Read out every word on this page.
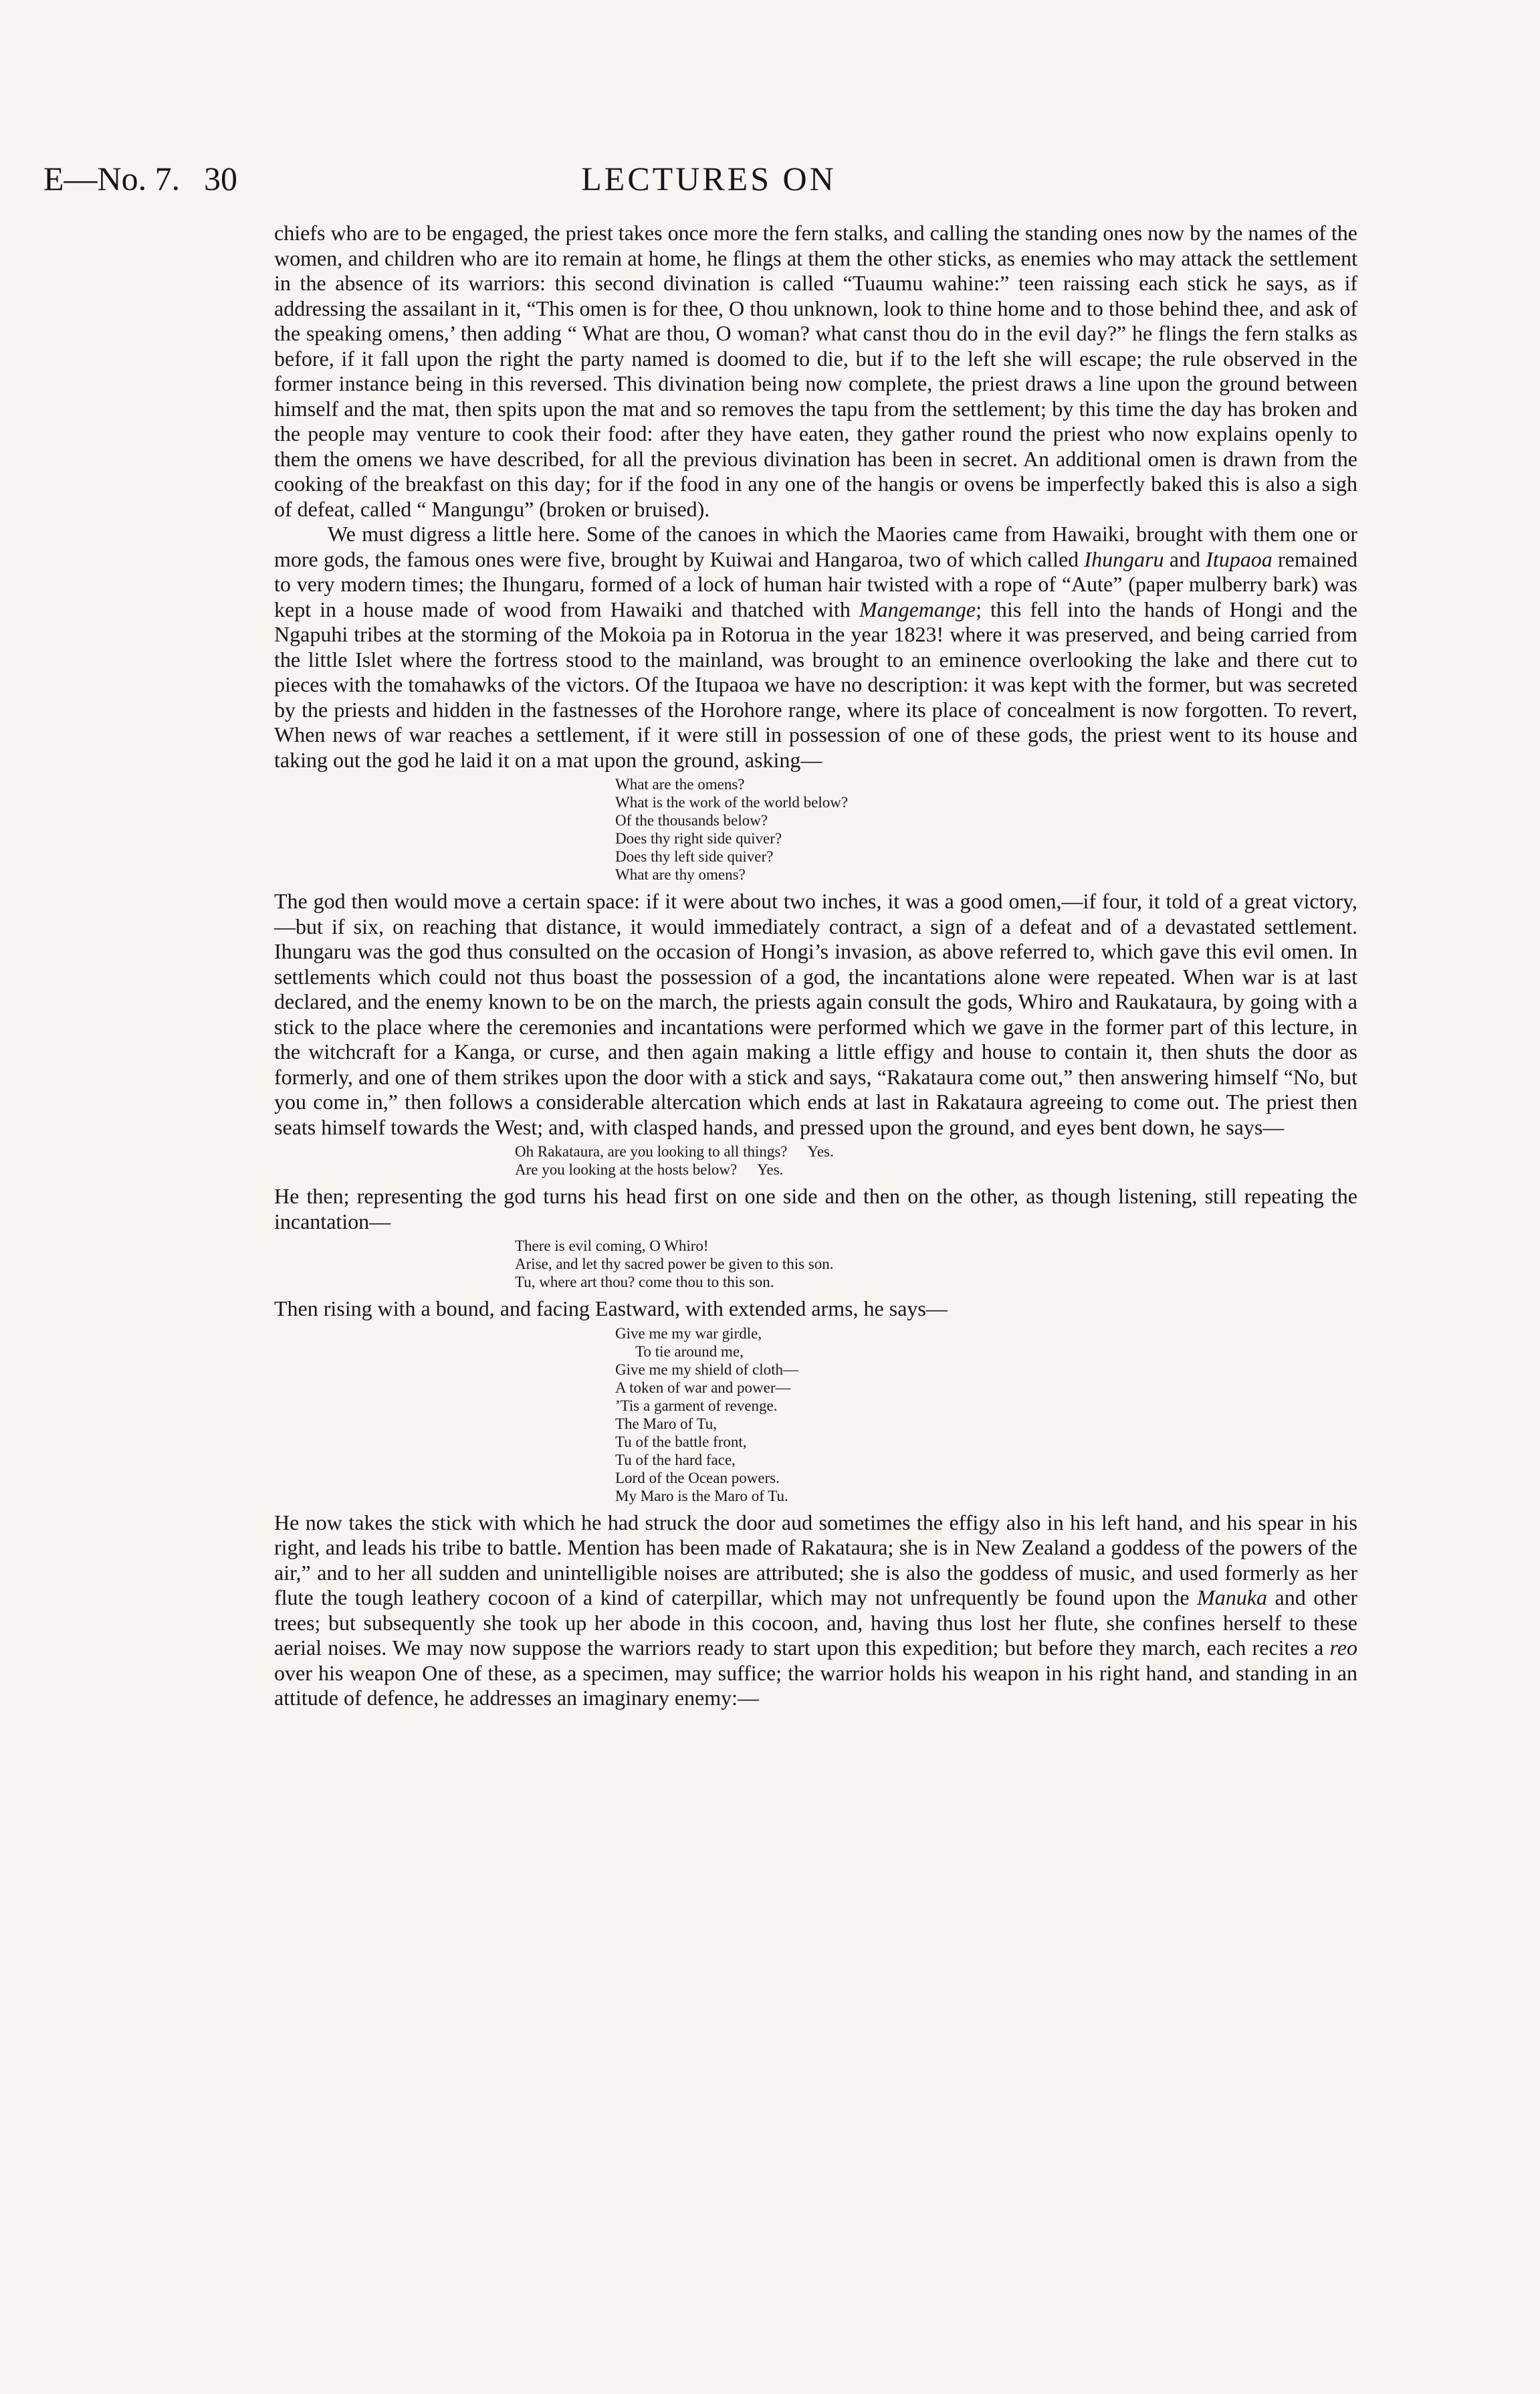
E—No. 7. 30	LECTURES ON

chiefs who are to be engaged, the priest takes once more the fern stalks, and calling the standing ones now by the names of the women, and children who are ito remain at home, he flings at them the other sticks, as enemies who may attack the settlement in the absence of its warriors: this second divination is called “Tuaumu wahine:” teen raissing each stick he says, as if addressing the assailant in it, “This omen is for thee, O thou unknown, look to thine home and to those behind thee, and ask of the speaking omens,’ then adding “ What are thou, O woman? what canst thou do in the evil day?” he flings the fern stalks as before, if it fall upon the right the party named is doomed to die, but if to the left she will escape; the rule observed in the former instance being in this reversed. This divination being now complete, the priest draws a line upon the ground between himself and the mat, then spits upon the mat and so removes the tapu from the settlement; by this time the day has broken and the people may venture to cook their food: after they have eaten, they gather round the priest who now explains openly to them the omens we have described, for all the previous divination has been in secret. An additional omen is drawn from the cooking of the breakfast on this day; for if the food in any one of the hangis or ovens be imperfectly baked this is also a sigh of defeat, called “ Mangungu” (broken or bruised).

We must digress a little here. Some of the canoes in which the Maories came from Hawaiki, brought with them one or more gods, the famous ones were five, brought by Kuiwai and Hangaroa, two of which called Ihungaru and Itupaoa remained to very modern times; the Ihungaru, formed of a lock of human hair twisted with a rope of “Aute” (paper mulberry bark) was kept in a house made of wood from Hawaiki and thatched with Mangemange; this fell into the hands of Hongi and the Ngapuhi tribes at the storming of the Mokoia pa in Rotorua in the year 1823! where it was preserved, and being carried from the little Islet where the fortress stood to the mainland, was brought to an eminence overlooking the lake and there cut to pieces with the tomahawks of the victors. Of the Itupaoa we have no description: it was kept with the former, but was secreted by the priests and hidden in the fastnesses of the Horohore range, where its place of concealment is now forgotten. To revert, When news of war reaches a settlement, if it were still in possession of one of these gods, the priest went to its house and taking out the god he laid it on a mat upon the ground, asking—

What are the omens?
What is the work of the world below?
Of the thousands below?
Does thy right side quiver?
Does thy left side quiver?
What are thy omens?

The god then would move a certain space: if it were about two inches, it was a good omen,—if four, it told of a great victory,—but if six, on reaching that distance, it would immediately contract, a sign of a defeat and of a devastated settlement. Ihungaru was the god thus consulted on the occasion of Hongi’s invasion, as above referred to, which gave this evil omen. In settlements which could not thus boast the possession of a god, the incantations alone were repeated. When war is at last declared, and the enemy known to be on the march, the priests again consult the gods, Whiro and Raukataura, by going with a stick to the place where the ceremonies and incantations were performed which we gave in the former part of this lecture, in the witchcraft for a Kanga, or curse, and then again making a little effigy and house to contain it, then shuts the door as formerly, and one of them strikes upon the door with a stick and says, “Rakataura come out,” then answering himself “No, but you come in,” then follows a considerable altercation which ends at last in Rakataura agreeing to come out. The priest then seats himself towards the West; and, with clasped hands, and pressed upon the ground, and eyes bent down, he says—

Oh Rakataura, are you looking to all things? Yes.
Are you looking at the hosts below? Yes.

He then; representing the god turns his head first on one side and then on the other, as though listening, still repeating the incantation—

There is evil coming, O Whiro!
Arise, and let thy sacred power be given to this son.
Tu, where art thou? come thou to this son.

Then rising with a bound, and facing Eastward, with extended arms, he says—

Give me my war girdle,
To tie around me,
Give me my shield of cloth—
A token of war and power—
’Tis a garment of revenge.
The Maro of Tu,
Tu of the battle front,
Tu of the hard face,
Lord of the Ocean powers.
My Maro is the Maro of Tu.

He now takes the stick with which he had struck the door aud sometimes the effigy also in his left hand, and his spear in his right, and leads his tribe to battle. Mention has been made of Rakataura; she is in New Zealand a goddess of the powers of the air,” and to her all sudden and unintelligible noises are attributed; she is also the goddess of music, and used formerly as her flute the tough leathery cocoon of a kind of caterpillar, which may not unfrequently be found upon the Manuka and other trees; but subsequently she took up her abode in this cocoon, and, having thus lost her flute, she confines herself to these aerial noises. We may now suppose the warriors ready to start upon this expedition; but before they march, each recites a reo over his weapon One of these, as a specimen, may suffice; the warrior holds his weapon in his right hand, and standing in an attitude of defence, he addresses an imaginary enemy:—
